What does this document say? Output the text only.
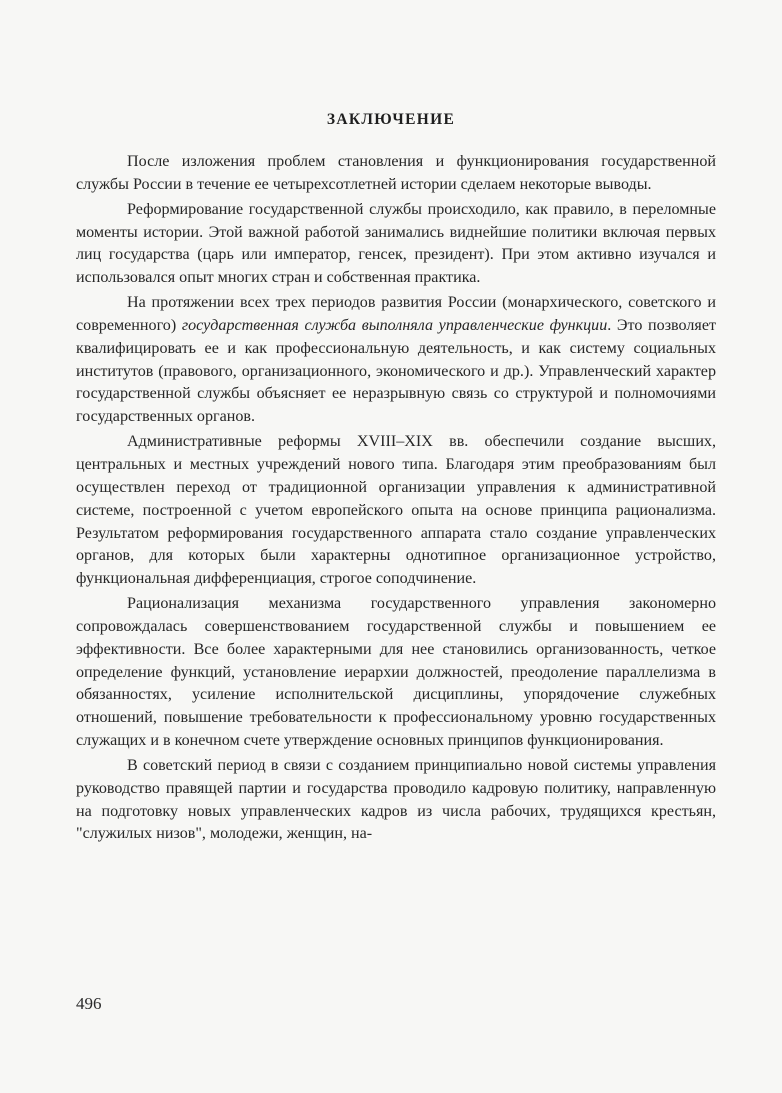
ЗАКЛЮЧЕНИЕ

После изложения проблем становления и функционирования государственной службы России в течение ее четырехсотлетней истории сделаем некоторые выводы.

Реформирование государственной службы происходило, как правило, в переломные моменты истории. Этой важной работой занимались виднейшие политики включая первых лиц государства (царь или император, генсек, президент). При этом активно изучался и использовался опыт многих стран и собственная практика.

На протяжении всех трех периодов развития России (монархического, советского и современного) государственная служба выполняла управленческие функции. Это позволяет квалифицировать ее и как профессиональную деятельность, и как систему социальных институтов (правового, организационного, экономического и др.). Управленческий характер государственной службы объясняет ее неразрывную связь со структурой и полномочиями государственных органов.

Административные реформы XVIII–XIX вв. обеспечили создание высших, центральных и местных учреждений нового типа. Благодаря этим преобразованиям был осуществлен переход от традиционной организации управления к административной системе, построенной с учетом европейского опыта на основе принципа рационализма. Результатом реформирования государственного аппарата стало создание управленческих органов, для которых были характерны однотипное организационное устройство, функциональная дифференциация, строгое соподчинение.

Рационализация механизма государственного управления закономерно сопровождалась совершенствованием государственной службы и повышением ее эффективности. Все более характерными для нее становились организованность, четкое определение функций, установление иерархии должностей, преодоление параллелизма в обязанностях, усиление исполнительской дисциплины, упорядочение служебных отношений, повышение требовательности к профессиональному уровню государственных служащих и в конечном счете утверждение основных принципов функционирования.

В советский период в связи с созданием принципиально новой системы управления руководство правящей партии и государства проводило кадровую политику, направленную на подготовку новых управленческих кадров из числа рабочих, трудящихся крестьян, "служилых низов", молодежи, женщин, на-

496
